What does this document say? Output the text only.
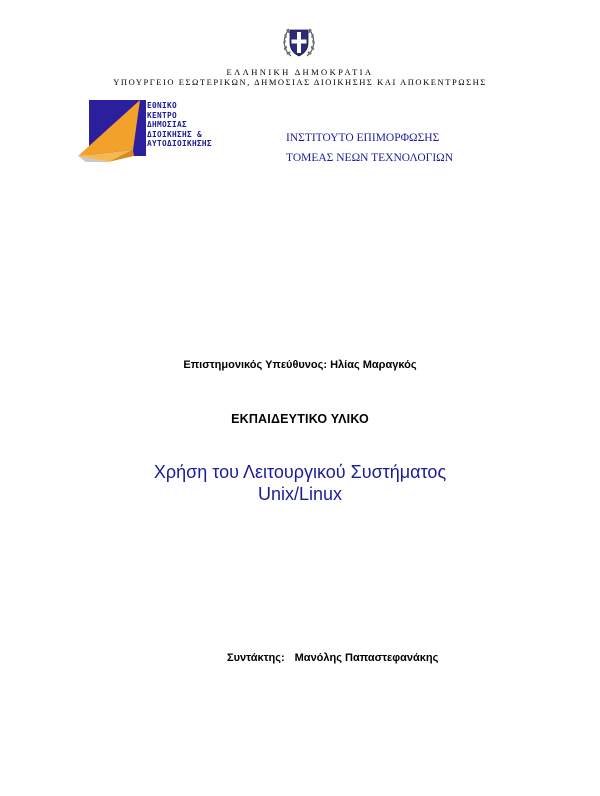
ΕΛΛΗΝΙΚΗ ΔΗΜΟΚΡΑΤΙΑ
ΥΠΟΥΡΓΕΙΟ ΕΣΩΤΕΡΙΚΩΝ, ΔΗΜΟΣΙΑΣ ΔΙΟΙΚΗΣΗΣ ΚΑΙ ΑΠΟΚΕΝΤΡΩΣΗΣ
ΕΘΝΙΚΟ
ΚΕΝΤΡΟ
ΔΗΜΟΣΙΑΣ
ΔΙΟΙΚΗΣΗΣ &
ΑΥΤΟΔΙΟΙΚΗΣΗΣ	ΙΝΣΤΙΤΟΥΤΟ ΕΠΙΜΟΡΦΩΣΗΣ
ΤΟΜΕΑΣ ΝΕΩΝ ΤΕΧΝΟΛΟΓΙΩΝ
Επιστημονικός Υπεύθυνος: Ηλίας Μαραγκός
ΕΚΠΑΙΔΕΥΤΙΚΟ ΥΛΙΚΟ
Χρήση του Λειτουργικού Συστήματος
Unix/Linux
Συντάκτης: Μανόλης Παπαστεφανάκης
